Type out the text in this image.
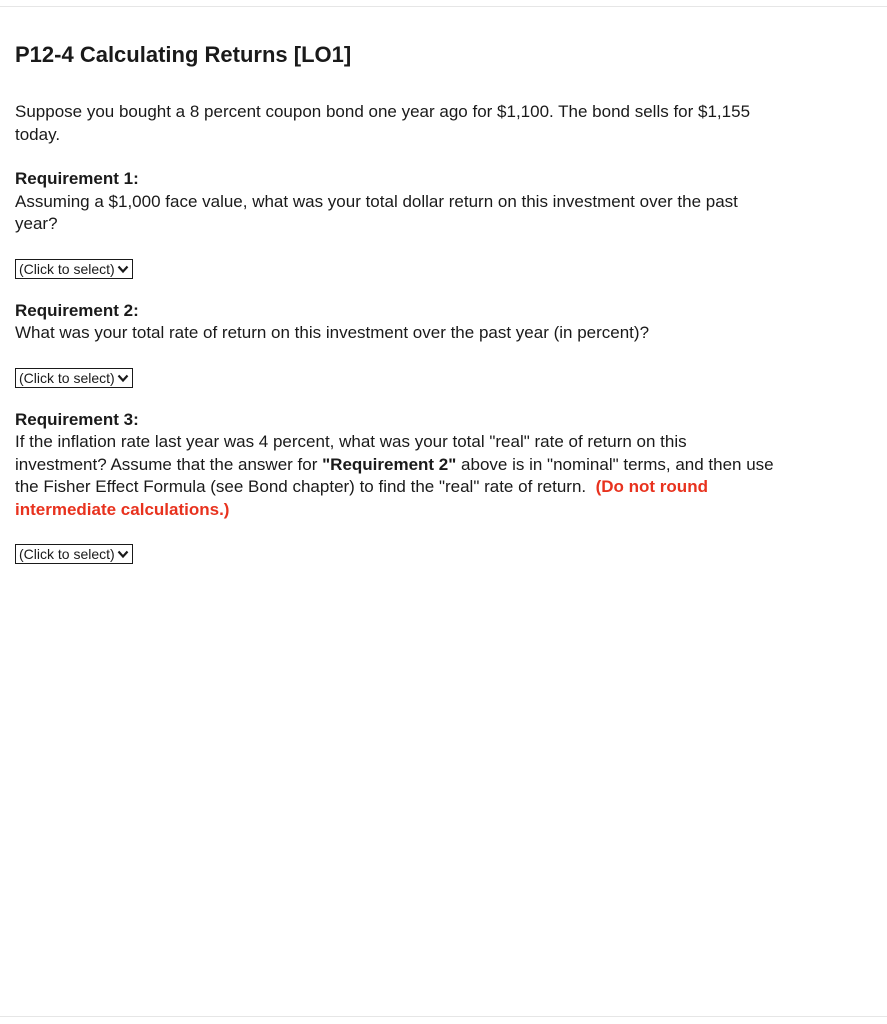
P12-4 Calculating Returns [LO1]
Suppose you bought a 8 percent coupon bond one year ago for $1,100. The bond sells for $1,155 today.
Requirement 1:
Assuming a $1,000 face value, what was your total dollar return on this investment over the past year?
(Click to select)
Requirement 2:
What was your total rate of return on this investment over the past year (in percent)?
(Click to select)
Requirement 3:
If the inflation rate last year was 4 percent, what was your total "real" rate of return on this investment? Assume that the answer for "Requirement 2" above is in "nominal" terms, and then use the Fisher Effect Formula (see Bond chapter) to find the "real" rate of return. (Do not round intermediate calculations.)
(Click to select)
